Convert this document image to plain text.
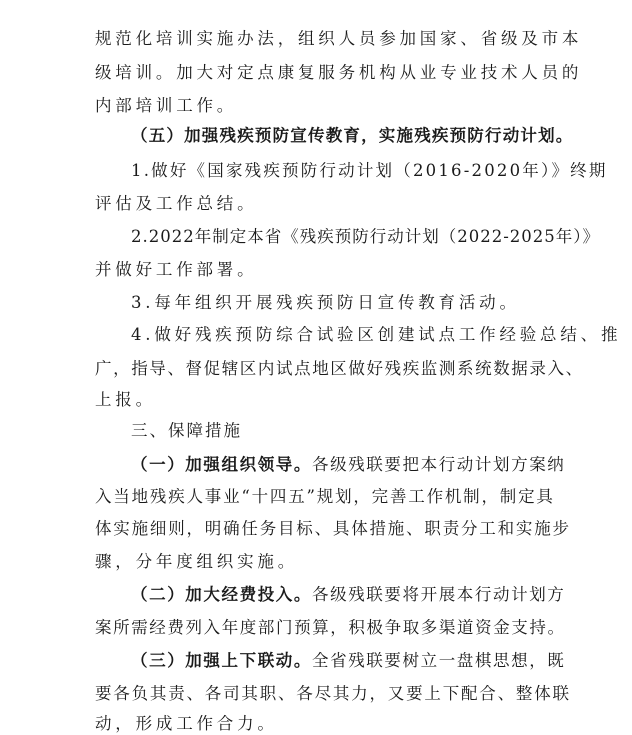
规范化培训实施办法，组织人员参加国家、省级及市本
级培训。加大对定点康复服务机构从业专业技术人员的
内部培训工作。
（五）加强残疾预防宣传教育，实施残疾预防行动计划。
1.做好《国家残疾预防行动计划（2016-2020年）》终期
评估及工作总结。
2.2022年制定本省《残疾预防行动计划（2022-2025年）》
并做好工作部署。
3.每年组织开展残疾预防日宣传教育活动。
4.做好残疾预防综合试验区创建试点工作经验总结、推
广，指导、督促辖区内试点地区做好残疾监测系统数据录入、
上报。
三、保障措施
（一）加强组织领导。各级残联要把本行动计划方案纳
入当地残疾人事业“十四五”规划，完善工作机制，制定具
体实施细则，明确任务目标、具体措施、职责分工和实施步
骤，分年度组织实施。
（二）加大经费投入。各级残联要将开展本行动计划方
案所需经费列入年度部门预算，积极争取多渠道资金支持。
（三）加强上下联动。全省残联要树立一盘棋思想，既
要各负其责、各司其职、各尽其力，又要上下配合、整体联
动，形成工作合力。
